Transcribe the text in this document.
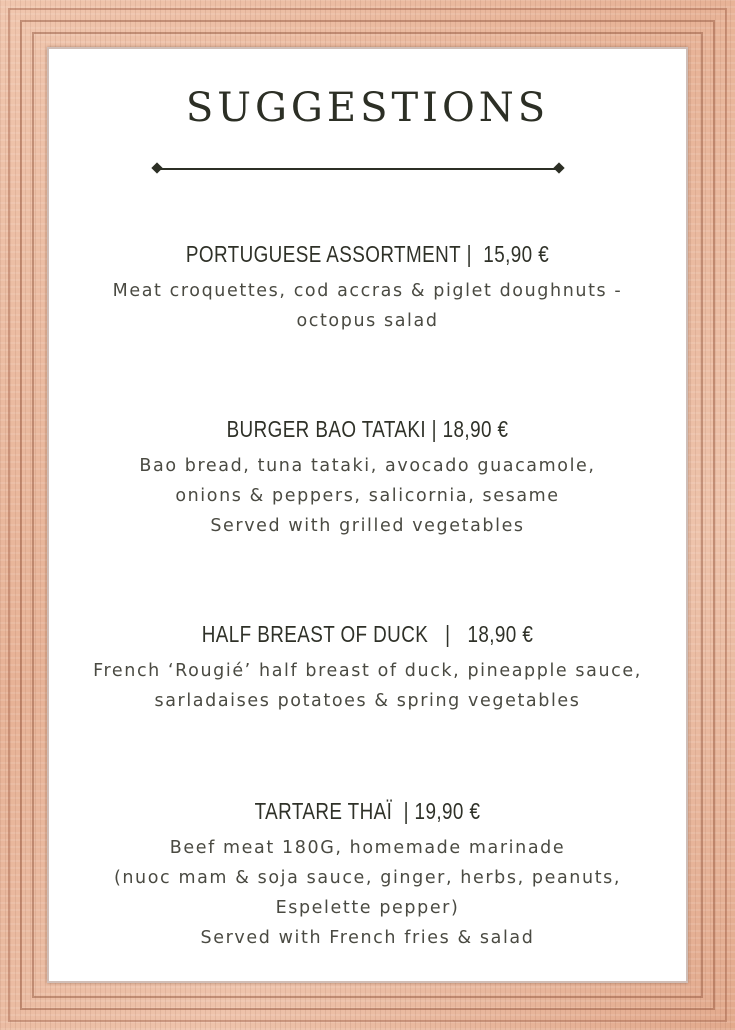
SUGGESTIONS
PORTUGUESE ASSORTMENT | 15,90 €
Meat croquettes, cod accras & piglet doughnuts -
octopus salad
BURGER BAO TATAKI | 18,90 €
Bao bread, tuna tataki, avocado guacamole,
onions & peppers, salicornia, sesame
Served with grilled vegetables
HALF BREAST OF DUCK | 18,90 €
French ‘Rougié’ half breast of duck, pineapple sauce,
sarladaises potatoes & spring vegetables
TARTARE THAÏ | 19,90 €
Beef meat 180G, homemade marinade
(nuoc mam & soja sauce, ginger, herbs, peanuts,
Espelette pepper)
Served with French fries & salad
